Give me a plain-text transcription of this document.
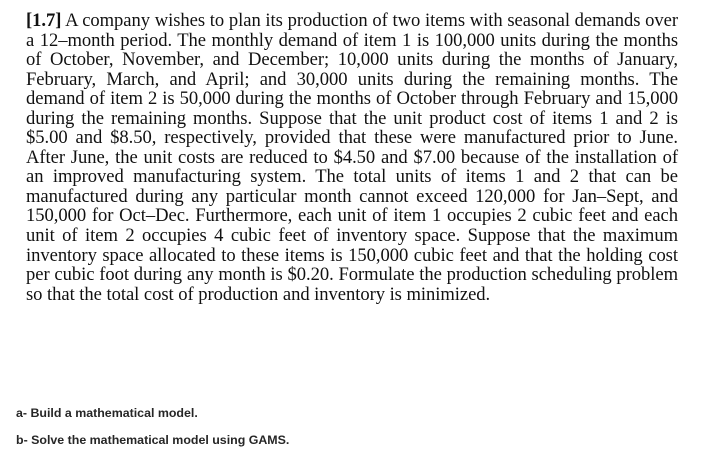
[1.7] A company wishes to plan its production of two items with seasonal demands over a 12–month period. The monthly demand of item 1 is 100,000 units during the months of October, November, and December; 10,000 units during the months of January, February, March, and April; and 30,000 units during the remaining months. The demand of item 2 is 50,000 during the months of October through February and 15,000 during the remaining months. Suppose that the unit product cost of items 1 and 2 is $5.00 and $8.50, respectively, provided that these were manufactured prior to June. After June, the unit costs are reduced to $4.50 and $7.00 because of the installation of an improved manufacturing system. The total units of items 1 and 2 that can be manufactured during any particular month cannot exceed 120,000 for Jan–Sept, and 150,000 for Oct–Dec. Furthermore, each unit of item 1 occupies 2 cubic feet and each unit of item 2 occupies 4 cubic feet of inventory space. Suppose that the maximum inventory space allocated to these items is 150,000 cubic feet and that the holding cost per cubic foot during any month is $0.20. Formulate the production scheduling problem so that the total cost of production and inventory is minimized.
a- Build a mathematical model.
b- Solve the mathematical model using GAMS.
